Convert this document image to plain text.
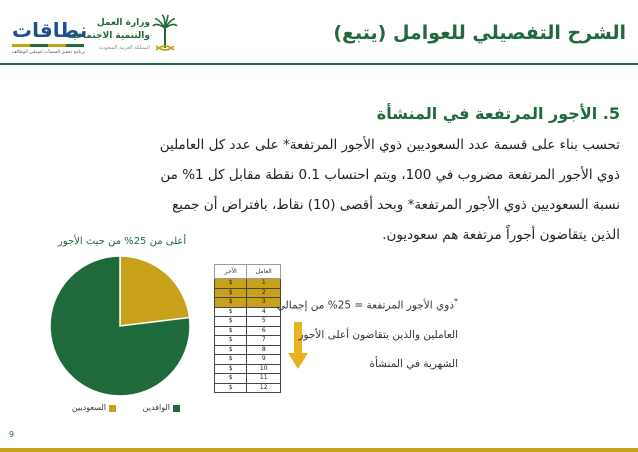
الشرح التفصيلي للعوامل (يتبع)
وزارة العمل
والتنمية الاجتماعية
المملكة العربية السعودية
نطاقات
برنامج تحفيز المنشآت لتوطين الوظائف
5. الأجور المرتفعة في المنشأة
تحسب بناء على قسمة عدد السعوديين ذوي الأجور المرتفعة* على عدد كل العاملين
ذوي الأجور المرتفعة مضروب في 100، ويتم احتساب 0.1 نقطة مقابل كل 1% من
نسبة السعوديين ذوي الأجور المرتفعة* وبحد أقصى (10) نقاط، بافتراض أن جميع
الذين يتقاضون أجوراً مرتفعة هم سعوديون.
أعلى من 25% من حيث الأجور
السعوديين	الوافدين
العامل	الأجر
1	$
2	$
3	$
4	$
5	$
6	$
7	$
8	$
9	$
10	$
11	$
12	$
*ذوي الأجور المرتفعة = 25% من إجمالي
العاملين والذين يتقاضون أعلى الأجور
الشهرية في المنشأة
9
